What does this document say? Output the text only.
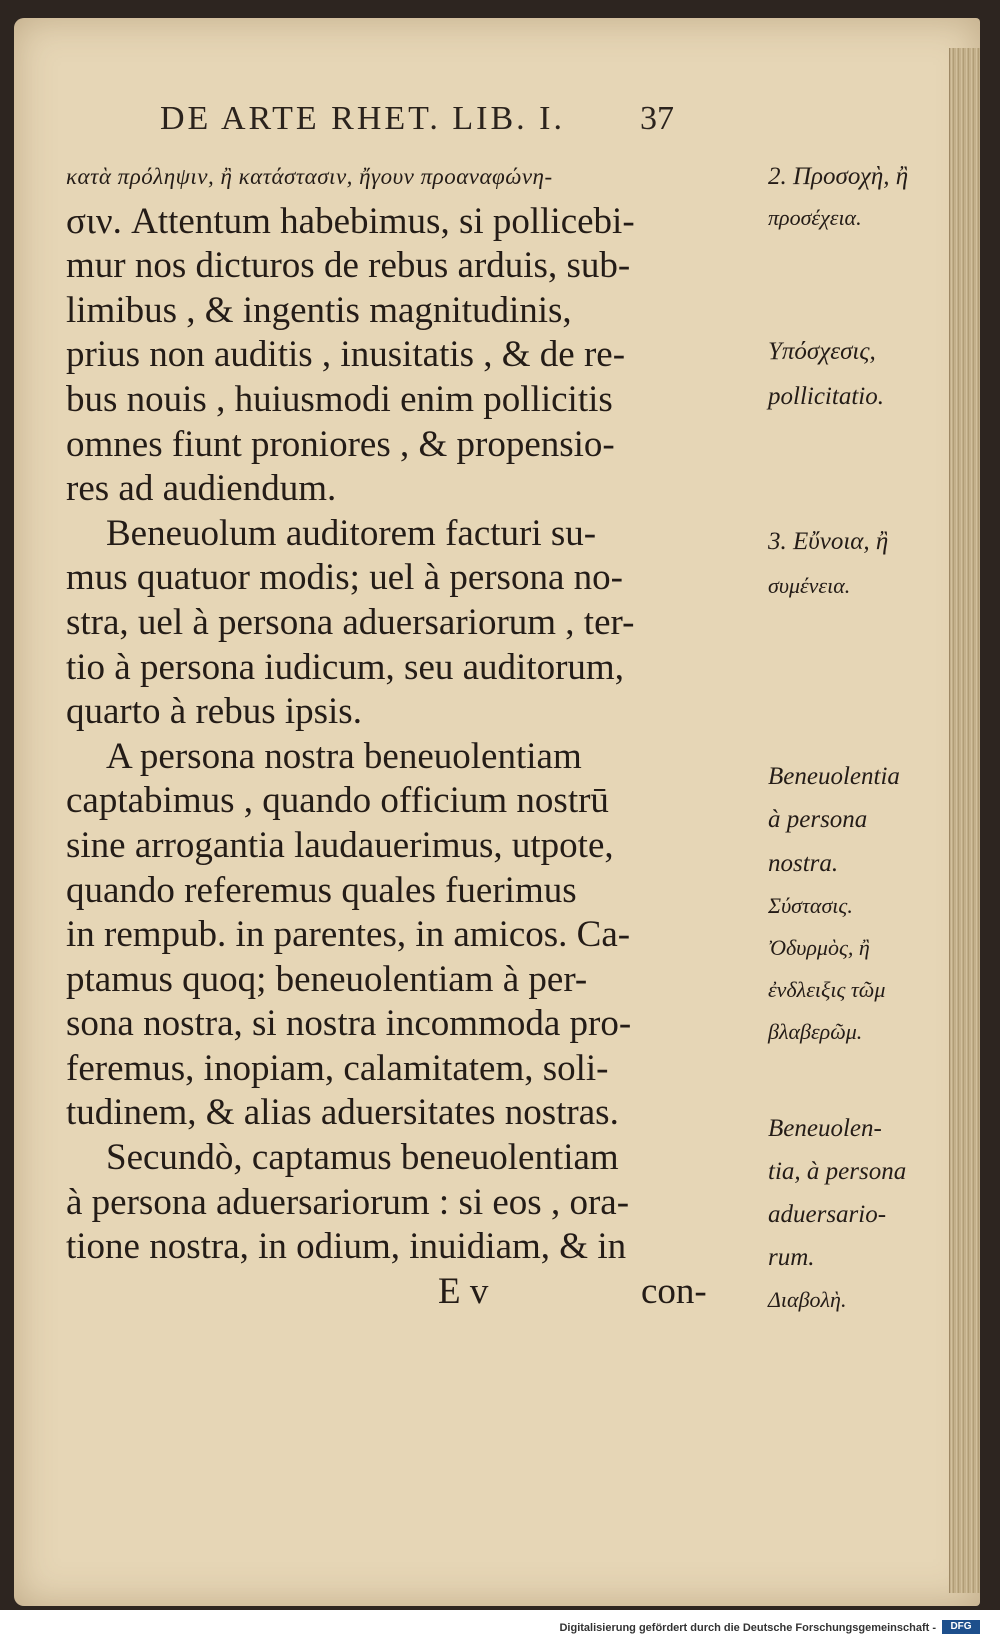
DE ARTE RHET. LIB. I. 37
κατὰ πρόληψιν, ἢ κατάστασιν, ἤγουν προαναφώνη-
σιν. Attentum habebimus, si pollicebi-
mur nos dicturos de rebus arduis, sub-
limibus , & ingentis magnitudinis,
prius non auditis , inusitatis , & de re-
bus nouis , huiusmodi enim pollicitis
omnes fiunt proniores , & propensio-
res ad audiendum.
Beneuolum auditorem facturi su-
mus quatuor modis; uel à persona no-
stra, uel à persona aduersariorum , ter-
tio à persona iudicum, seu auditorum,
quarto à rebus ipsis.
A persona nostra beneuolentiam
captabimus , quando officium nostrū
sine arrogantia laudauerimus, utpote,
quando referemus quales fuerimus
in rempub. in parentes, in amicos. Ca-
ptamus quoq; beneuolentiam à per-
sona nostra, si nostra incommoda pro-
feremus, inopiam, calamitatem, soli-
tudinem, & alias aduersitates nostras.
Secundò, captamus beneuolentiam
à persona aduersariorum : si eos , ora-
tione nostra, in odium, inuidiam, & in
E v	con-
2. Προσοχὴ, ἢ
προσέχεια.
Υπόσχεσις,
pollicitatio.
3. Εὔνοια, ἢ
συμένεια.
Beneuolentia
à persona
nostra.
Σύστασις.
Ὀδυρμὸς, ἢ
ἐνδλειξις τῶμ
βλαβερῶμ.
Beneuolen-
tia, à persona
aduersario-
rum.
Διαβολὴ.
Digitalisierung gefördert durch die Deutsche Forschungsgemeinschaft -	DFG
